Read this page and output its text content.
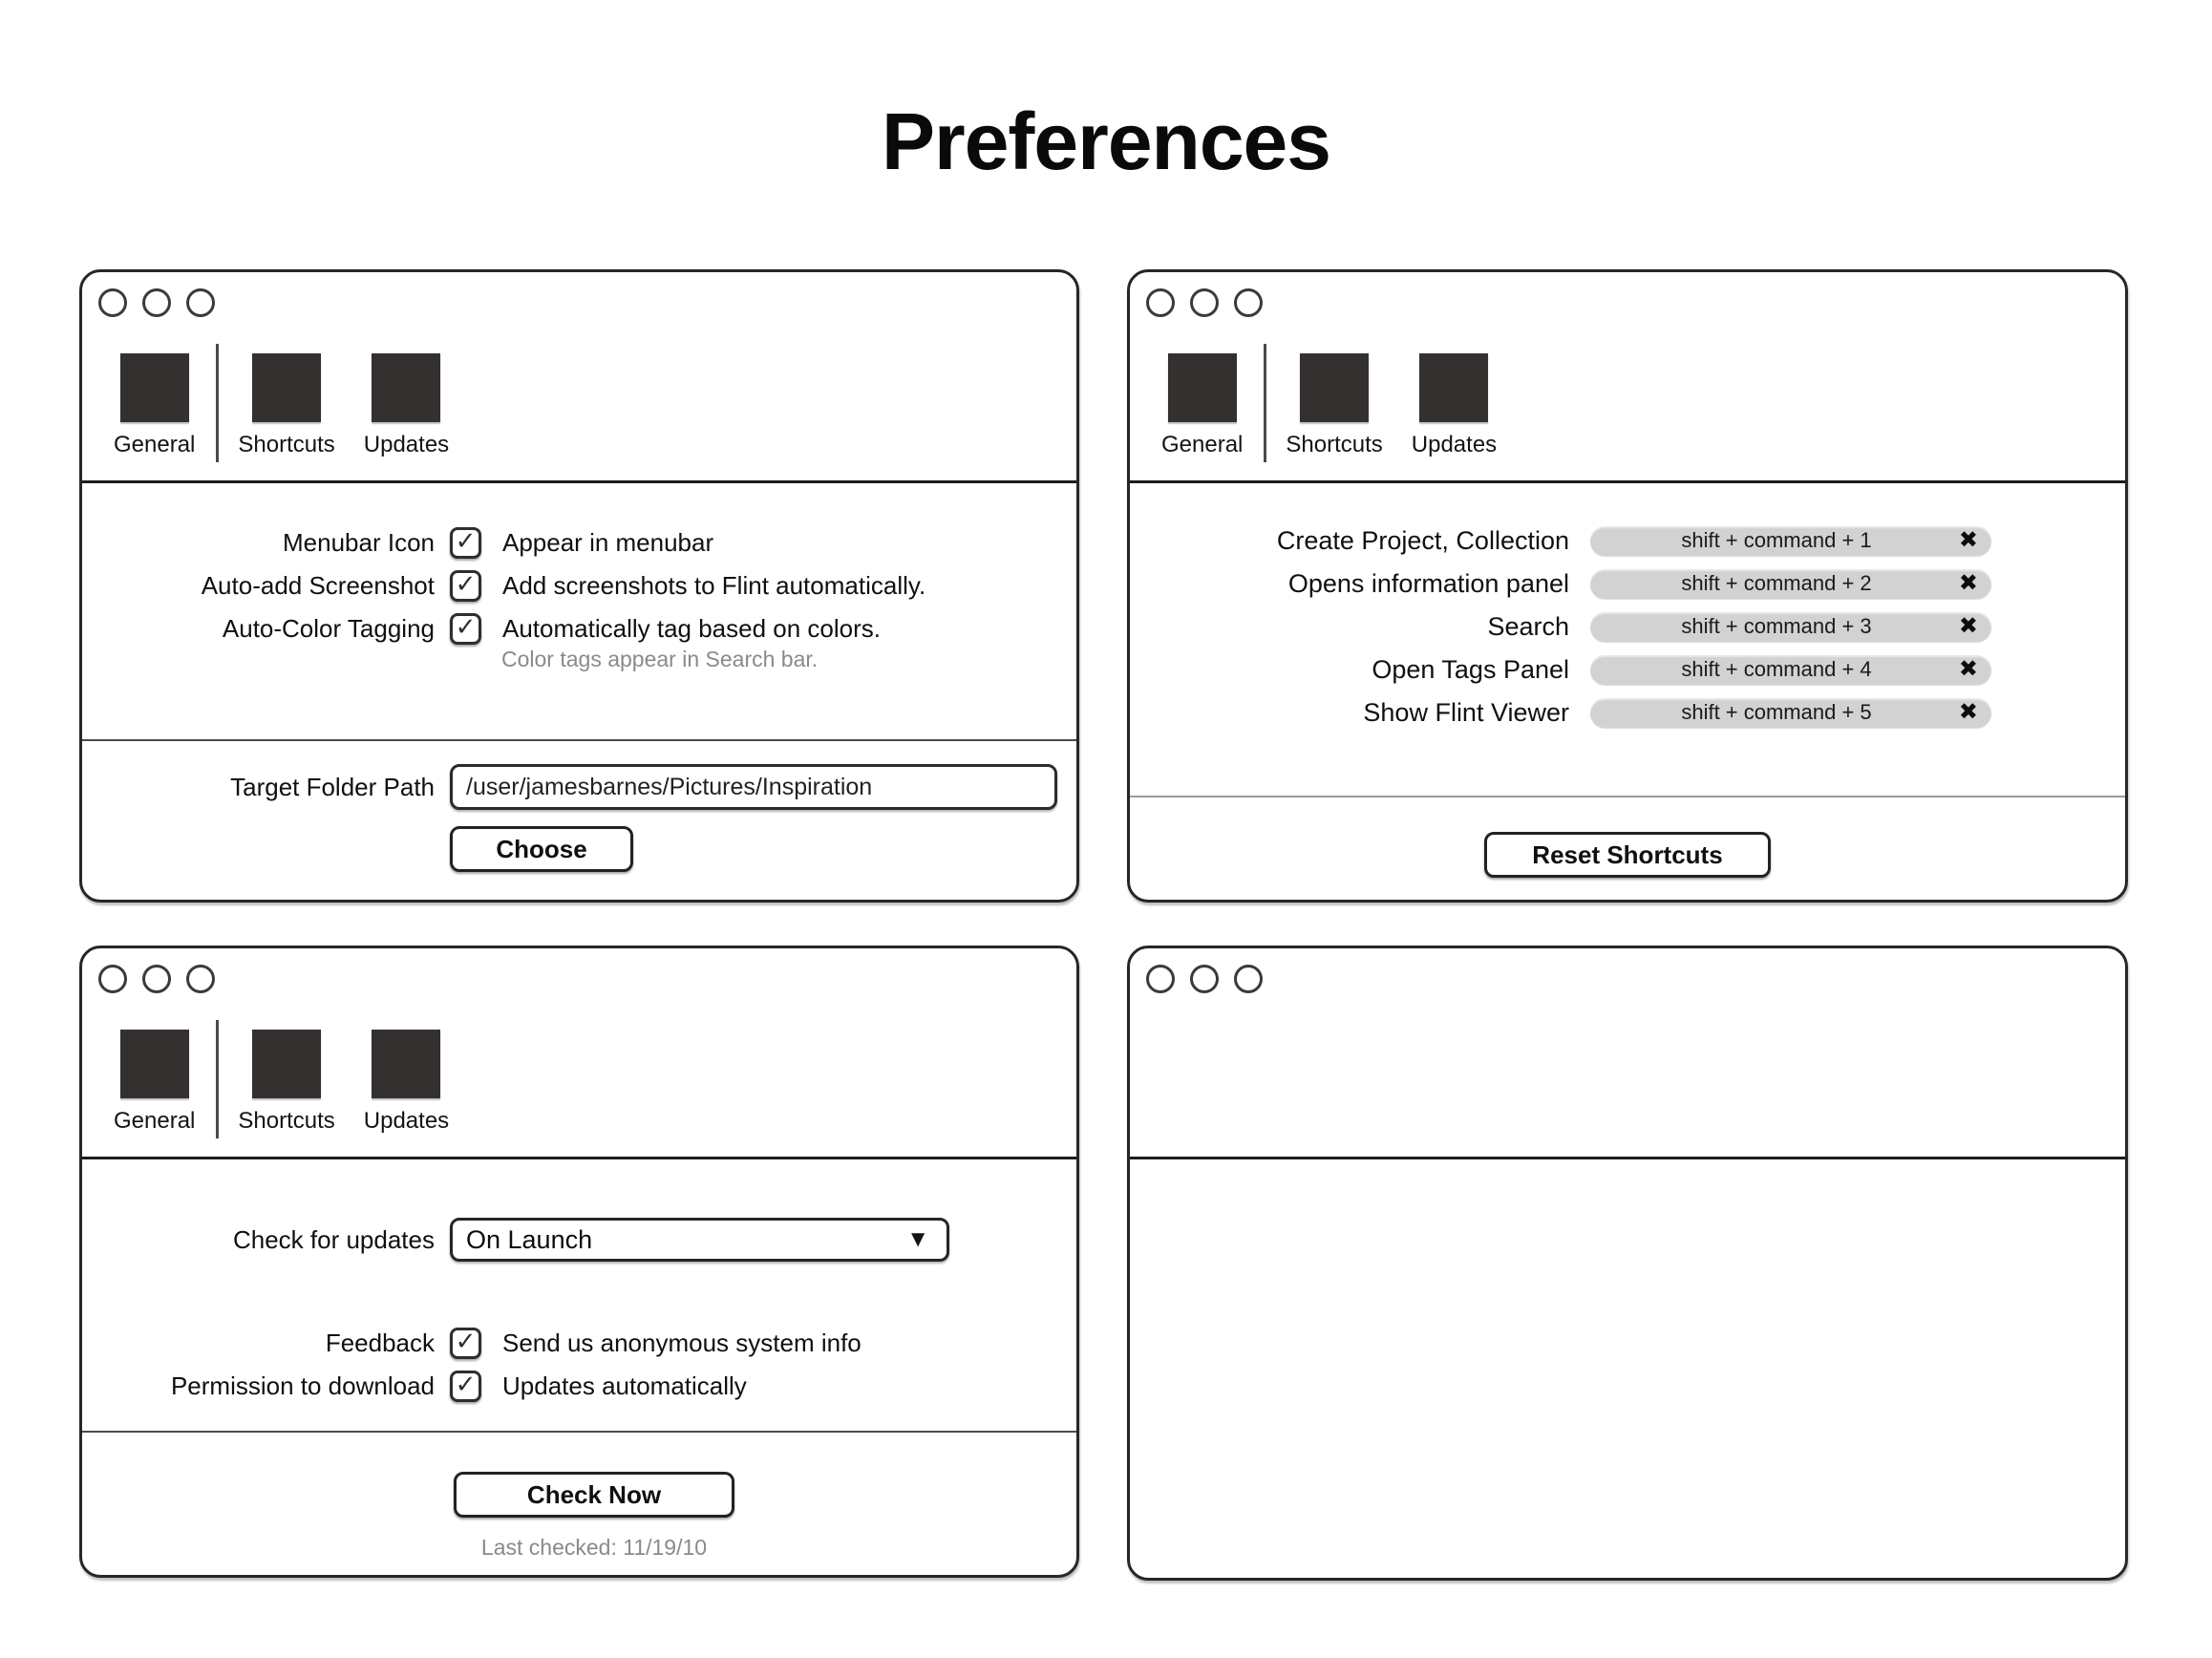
Preferences
General Shortcuts Updates
Menubar Icon ✓ Appear in menubar
Auto-add Screenshot ✓ Add screenshots to Flint automatically.
Auto-Color Tagging ✓ Automatically tag based on colors.
Color tags appear in Search bar.
Target Folder Path
/user/jamesbarnes/Pictures/Inspiration
Choose
General Shortcuts Updates
Create Project, Collection	shift + command + 1	✖
Opens information panel	shift + command + 2	✖
Search	shift + command + 3	✖
Open Tags Panel	shift + command + 4	✖
Show Flint Viewer	shift + command + 5	✖
Reset Shortcuts
General Shortcuts Updates
Check for updates	On Launch	▼
Feedback ✓ Send us anonymous system info
Permission to download ✓ Updates automatically
Check Now
Last checked: 11/19/10
